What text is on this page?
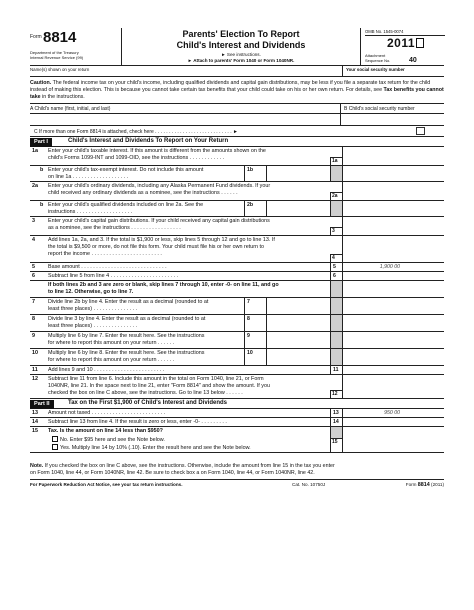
Form 8814
Department of the Treasury
Internal Revenue Service (99)
Parents' Election To Report
Child's Interest and Dividends
► See instructions.
► Attach to parents' Form 1040 or Form 1040NR.
OMB No. 1545-0074
2011
Attachment
Sequence No.	40
Name(s) shown on your return	Your social security number
Caution. The federal income tax on your child's income, including qualified dividends and capital gain distributions, may be less if you file a separate tax return for the child instead of making this election. This is because you cannot take certain tax benefits that your child could take on his or her own return. For details, see Tax benefits you cannot take in the instructions.
A Child's name (first, initial, and last)	B Child's social security number
C If more than one Form 8814 is attached, check here . . . . . . . . . . . . . . . . . . . . . . . . . . . . ►
Part I	Child's Interest and Dividends To Report on Your Return
1a Enter your child's taxable interest. If this amount is different from the amounts shown on the
child's Forms 1099-INT and 1099-OID, see the instructions . . . . . . . . . . . .	1a
b Enter your child's tax-exempt interest. Do not include this amount
on line 1a . . . . . . . . . . . . . . . . . . .
1b
2a Enter your child's ordinary dividends, including any Alaska Permanent Fund dividends. If your
child received any ordinary dividends as a nominee, see the instructions . . . . . .	2a
b Enter your child's qualified dividends included on line 2a. See the
instructions . . . . . . . . . . . . . . . . . . .
2b
3 Enter your child's capital gain distributions. If your child received any capital gain distributions
as a nominee, see the instructions . . . . . . . . . . . . . . . . .	3
4 Add lines 1a, 2a, and 3. If the total is $1,900 or less, skip lines 5 through 12 and go to line 13. If
the total is $9,500 or more, do not file this form. Your child must file his or her own return to
report the income . . . . . . . . . . . . . . . . . . . . . . . .
4
5 Base amount . . . . . . . . . . . . . . . . . . . . . . . . . . . . .	5	1,900 00
6 Subtract line 5 from line 4 . . . . . . . . . . . . . . . . . . . . . . .	6
If both lines 2b and 3 are zero or blank, skip lines 7 through 10, enter -0- on line 11, and go
to line 12. Otherwise, go to line 7.
7 Divide line 2b by line 4. Enter the result as a decimal (rounded to at
least three places) . . . . . . . . . . . . . . .
7
8 Divide line 3 by line 4. Enter the result as a decimal (rounded to at
least three places) . . . . . . . . . . . . . . .
8
9 Multiply line 6 by line 7. Enter the result here. See the instructions
for where to report this amount on your return . . . . . .
9
10 Multiply line 6 by line 8. Enter the result here. See the instructions
for where to report this amount on your return . . . . . .
10
11 Add lines 9 and 10 . . . . . . . . . . . . . . . . . . . . . . . .	11
12 Subtract line 11 from line 6. Include this amount in the total on Form 1040, line 21, or Form
1040NR, line 21. In the space next to line 21, enter "Form 8814" and show the amount. If you
checked the box on line C above, see the instructions. Go to line 13 below . . . . . .	12
Part II	Tax on the First $1,900 of Child's Interest and Dividends
13 Amount not taxed . . . . . . . . . . . . . . . . . . . . . . . . .	13	950 00
14 Subtract line 13 from line 4. If the result is zero or less, enter -0- . . . . . . . . .	14
15 Tax. Is the amount on line 14 less than $950?
No. Enter $95 here and see the Note below.
Yes. Multiply line 14 by 10% (.10). Enter the result here and see the Note below.
15

Note. If you checked the box on line C above, see the instructions. Otherwise, include the amount from line 15 in the tax you enter
on Form 1040, line 44, or Form 1040NR, line 42. Be sure to check box a on Form 1040, line 44, or Form 1040NR, line 42.

For Paperwork Reduction Act Notice, see your tax return instructions.	Cat. No. 10750J	Form 8814 (2011)
